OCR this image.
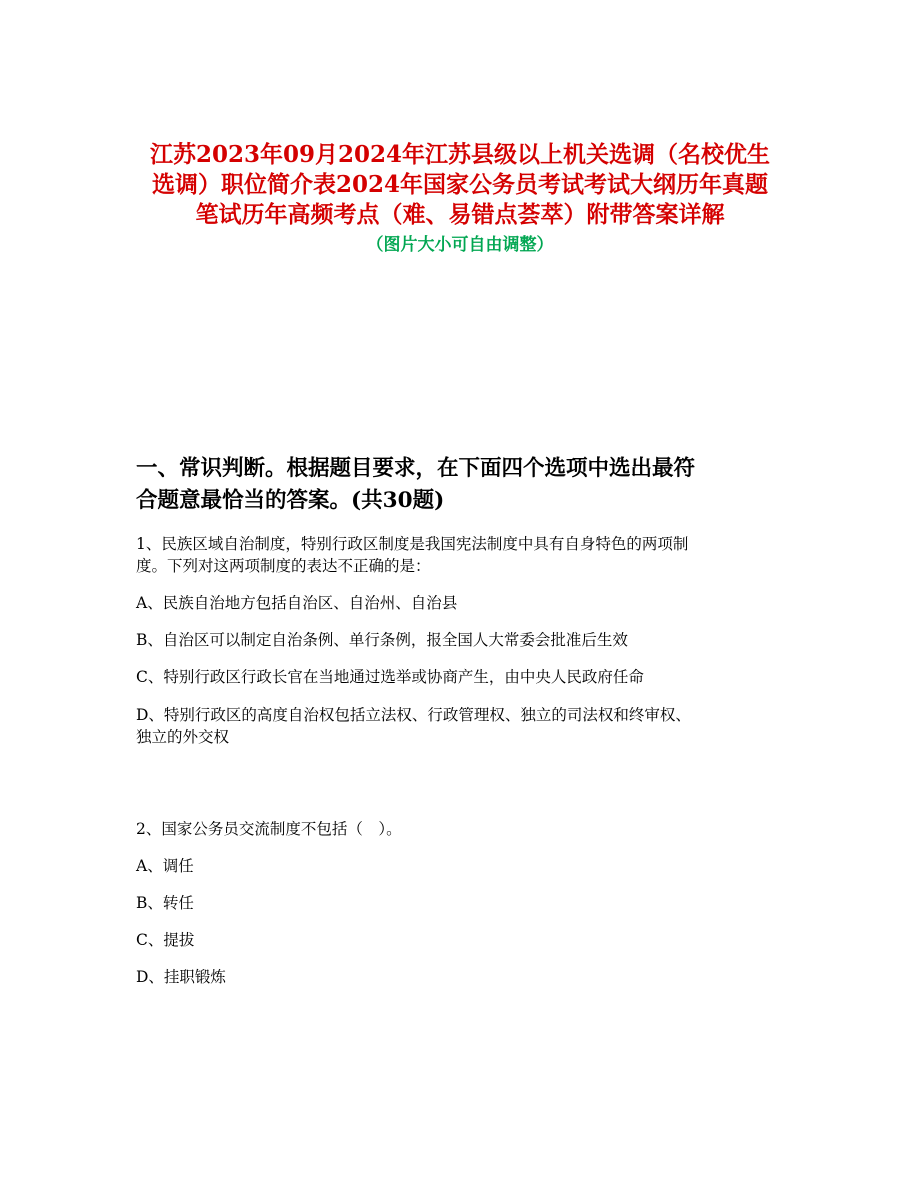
江苏2023年09月2024年江苏县级以上机关选调（名校优生
选调）职位简介表2024年国家公务员考试考试大纲历年真题
笔试历年高频考点（难、易错点荟萃）附带答案详解
（图片大小可自由调整）
一、常识判断。根据题目要求，在下面四个选项中选出最符
合题意最恰当的答案。(共30题)
1、民族区域自治制度，特别行政区制度是我国宪法制度中具有自身特色的两项制
度。下列对这两项制度的表达不正确的是：
A、民族自治地方包括自治区、自治州、自治县
B、自治区可以制定自治条例、单行条例，报全国人大常委会批准后生效
C、特别行政区行政长官在当地通过选举或协商产生，由中央人民政府任命
D、特别行政区的高度自治权包括立法权、行政管理权、独立的司法权和终审权、
独立的外交权
2、国家公务员交流制度不包括（　）。
A、调任
B、转任
C、提拔
D、挂职锻炼
